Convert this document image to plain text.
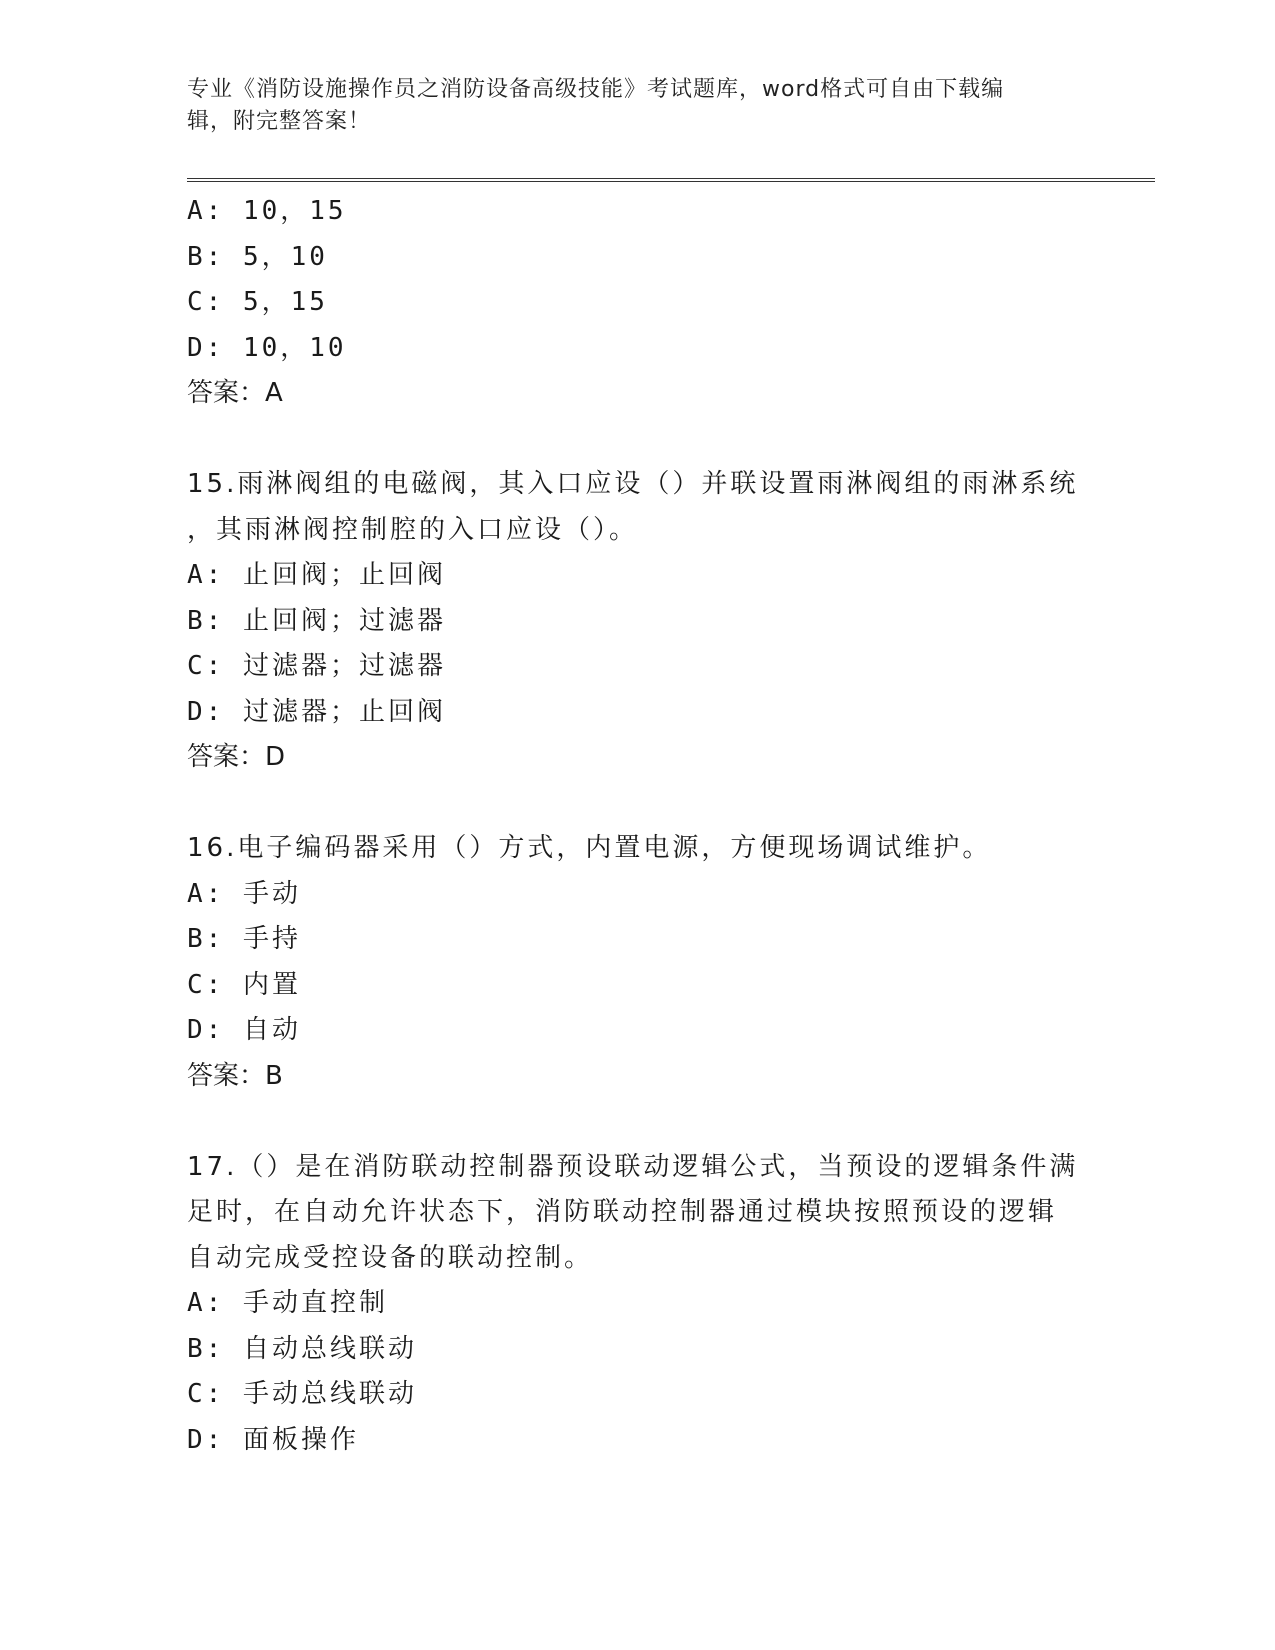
专业《消防设施操作员之消防设备高级技能》考试题库，word格式可自由下载编
辑，附完整答案！

A: 10，15

B: 5，10

C: 5，15

D: 10，10

答案：A

15.雨淋阀组的电磁阀，其入口应设（）并联设置雨淋阀组的雨淋系统

，其雨淋阀控制腔的入口应设（）。

A: 止回阀；止回阀

B: 止回阀；过滤器

C: 过滤器；过滤器

D: 过滤器；止回阀

答案：D

16.电子编码器采用（）方式，内置电源，方便现场调试维护。

A: 手动

B: 手持

C: 内置

D: 自动

答案：B

17.（）是在消防联动控制器预设联动逻辑公式，当预设的逻辑条件满

足时，在自动允许状态下，消防联动控制器通过模块按照预设的逻辑

自动完成受控设备的联动控制。

A: 手动直控制

B: 自动总线联动

C: 手动总线联动

D: 面板操作
